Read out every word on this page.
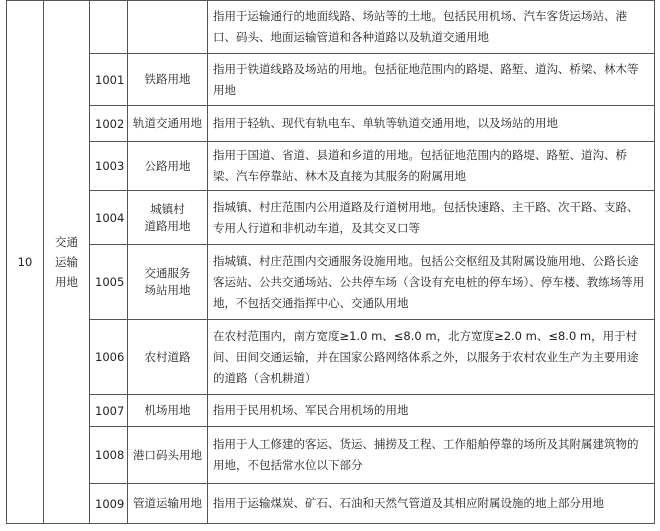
10	交通
运输
用地			指用于运输通行的地面线路、场站等的土地。包括民用机场、汽车客货运场站、港口、码头、地面运输管道和各种道路以及轨道交通用地
		1001	铁路用地	指用于铁道线路及场站的用地。包括征地范围内的路堤、路堑、道沟、桥梁、林木等用地
		1002	轨道交通用地	指用于轻轨、现代有轨电车、单轨等轨道交通用地，以及场站的用地
		1003	公路用地	指用于国道、省道、县道和乡道的用地。包括征地范围内的路堤、路堑、道沟、桥梁、汽车停靠站、林木及直接为其服务的附属用地
		1004	城镇村
道路用地	指城镇、村庄范围内公用道路及行道树用地。包括快速路、主干路、次干路、支路、专用人行道和非机动车道，及其交叉口等
		1005	交通服务
场站用地	指城镇、村庄范围内交通服务设施用地。包括公交枢纽及其附属设施用地、公路长途客运站、公共交通场站、公共停车场（含设有充电桩的停车场）、停车楼、教练场等用地，不包括交通指挥中心、交通队用地
		1006	农村道路	在农村范围内，南方宽度≥1.0 m、≤8.0 m，北方宽度≥2.0 m、≤8.0 m，用于村间、田间交通运输，并在国家公路网络体系之外，以服务于农村农业生产为主要用途的道路（含机耕道）
		1007	机场用地	指用于民用机场、军民合用机场的用地
		1008	港口码头用地	指用于人工修建的客运、货运、捕捞及工程、工作船舶停靠的场所及其附属建筑物的用地，不包括常水位以下部分
		1009	管道运输用地	指用于运输煤炭、矿石、石油和天然气管道及其相应附属设施的地上部分用地
